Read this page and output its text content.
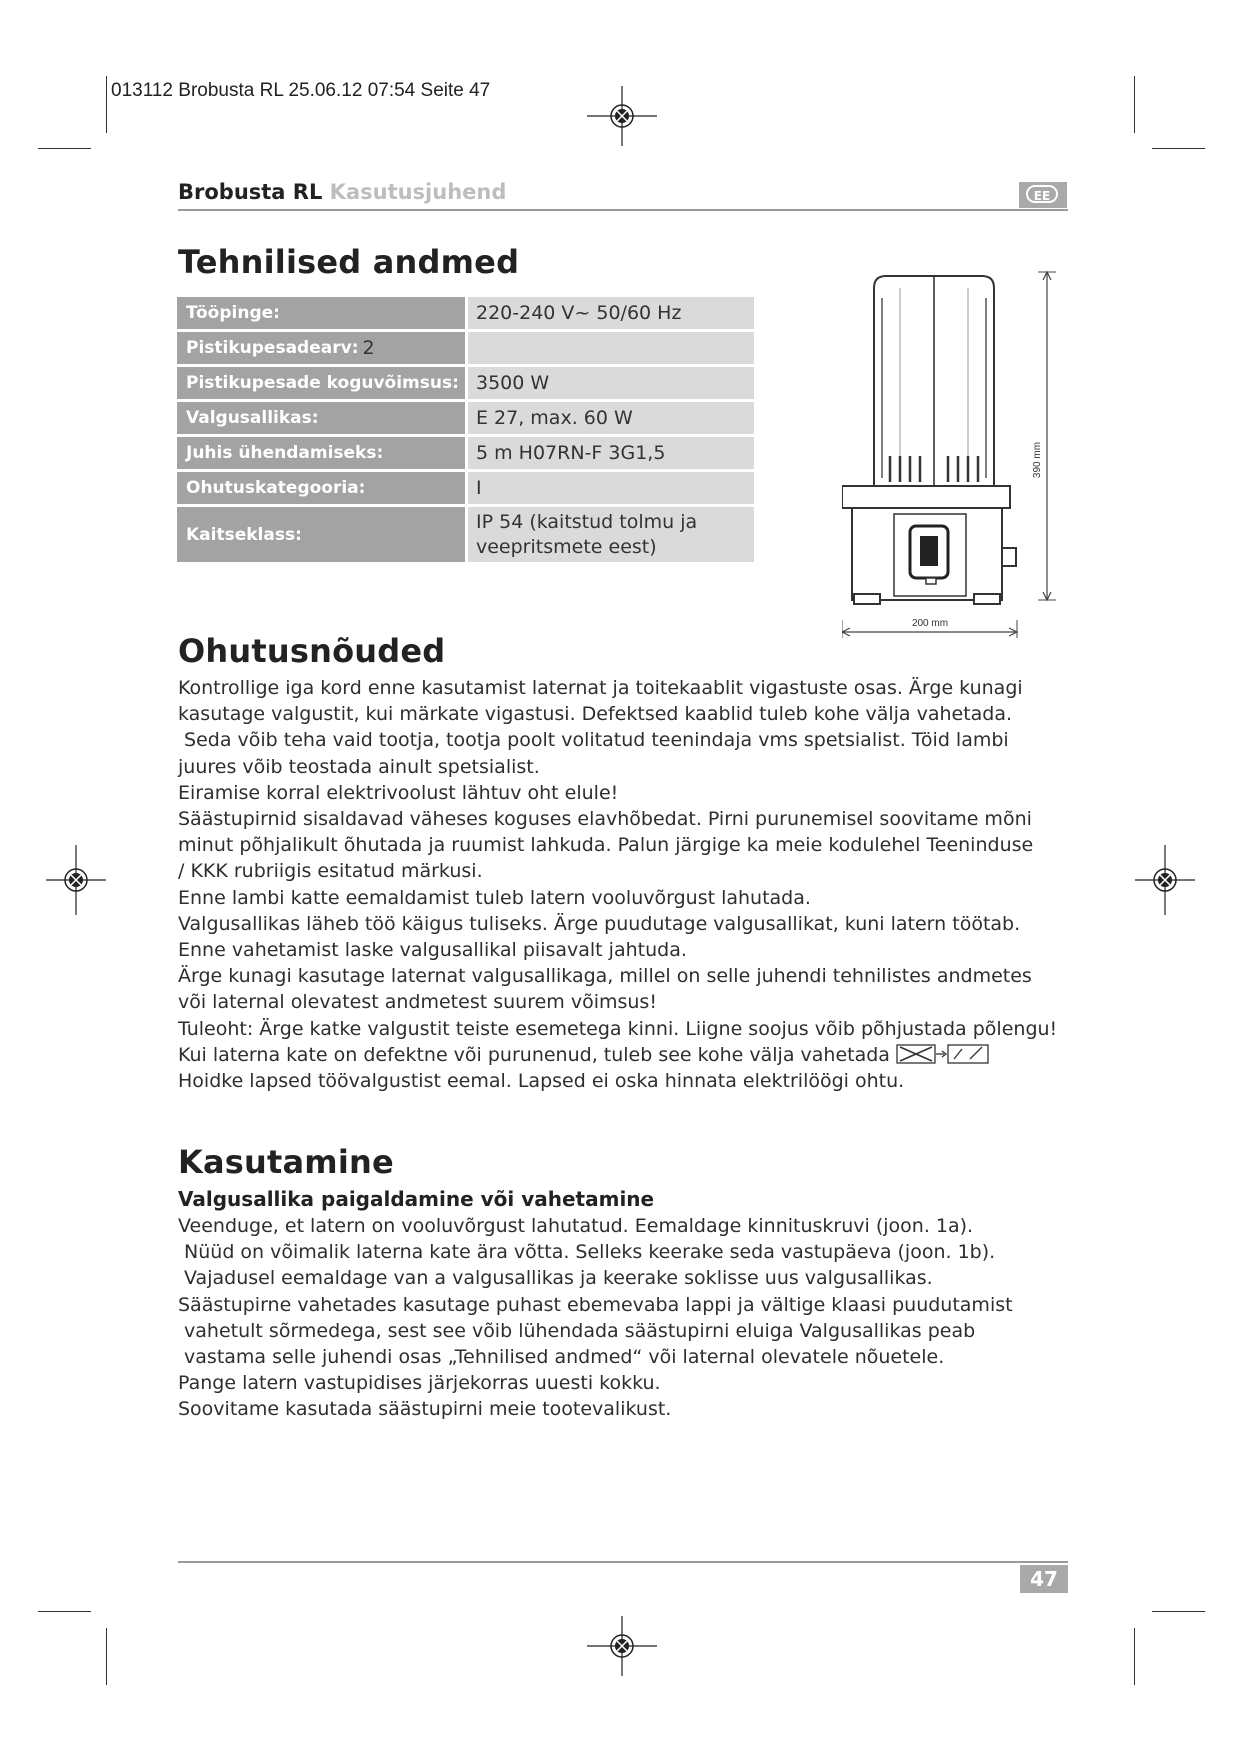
013112 Brobusta RL 25.06.12 07:54 Seite 47
Brobusta RL Kasutusjuhend	EE
Tehnilised andmed
Tööpinge:	220-240 V~ 50/60 Hz
Pistikupesadearv: 2
Pistikupesade koguvõimsus: 3500 W
Valgusallikas:	E 27, max. 60 W
Juhis ühendamiseks:	5 m H07RN-F 3G1,5
Ohutuskategooria:	I
Kaitseklass:
IP 54 (kaitstud tolmu ja
veepritsmete eest)
390 mm
200 mm
Ohutusnõuded

Kontrollige iga kord enne kasutamist laternat ja toitekaablit vigastuste osas. Ärge kunagi

kasutage valgustit, kui märkate vigastusi. Defektsed kaablid tuleb kohe välja vahetada.

Seda võib teha vaid tootja, tootja poolt volitatud teenindaja vms spetsialist. Töid lambi

juures võib teostada ainult spetsialist.

Eiramise korral elektrivoolust lähtuv oht elule!

Säästupirnid sisaldavad väheses koguses elavhõbedat. Pirni purunemisel soovitame mõni

minut põhjalikult õhutada ja ruumist lahkuda. Palun järgige ka meie kodulehel Teeninduse

/ KKK rubriigis esitatud märkusi.

Enne lambi katte eemaldamist tuleb latern vooluvõrgust lahutada.

Valgusallikas läheb töö käigus tuliseks. Ärge puudutage valgusallikat, kuni latern töötab.

Enne vahetamist laske valgusallikal piisavalt jahtuda.

Ärge kunagi kasutage laternat valgusallikaga, millel on selle juhendi tehnilistes andmetes

või laternal olevatest andmetest suurem võimsus!

Tuleoht: Ärge katke valgustit teiste esemetega kinni. Liigne soojus võib põhjustada põlengu!

Kui laterna kate on defektne või purunenud, tuleb see kohe välja vahetada

Hoidke lapsed töövalgustist eemal. Lapsed ei oska hinnata elektrilöögi ohtu.

Kasutamine
Valgusallika paigaldamine või vahetamine

Veenduge, et latern on vooluvõrgust lahutatud. Eemaldage kinnituskruvi (joon. 1a).

Nüüd on võimalik laterna kate ära võtta. Selleks keerake seda vastupäeva (joon. 1b).

Vajadusel eemaldage van a valgusallikas ja keerake soklisse uus valgusallikas.

Säästupirne vahetades kasutage puhast ebemevaba lappi ja vältige klaasi puudutamist

vahetult sõrmedega, sest see võib lühendada säästupirni eluiga Valgusallikas peab

vastama selle juhendi osas „Tehnilised andmed“ või laternal olevatele nõuetele.

Pange latern vastupidises järjekorras uuesti kokku.

Soovitame kasutada säästupirni meie tootevalikust.

47
